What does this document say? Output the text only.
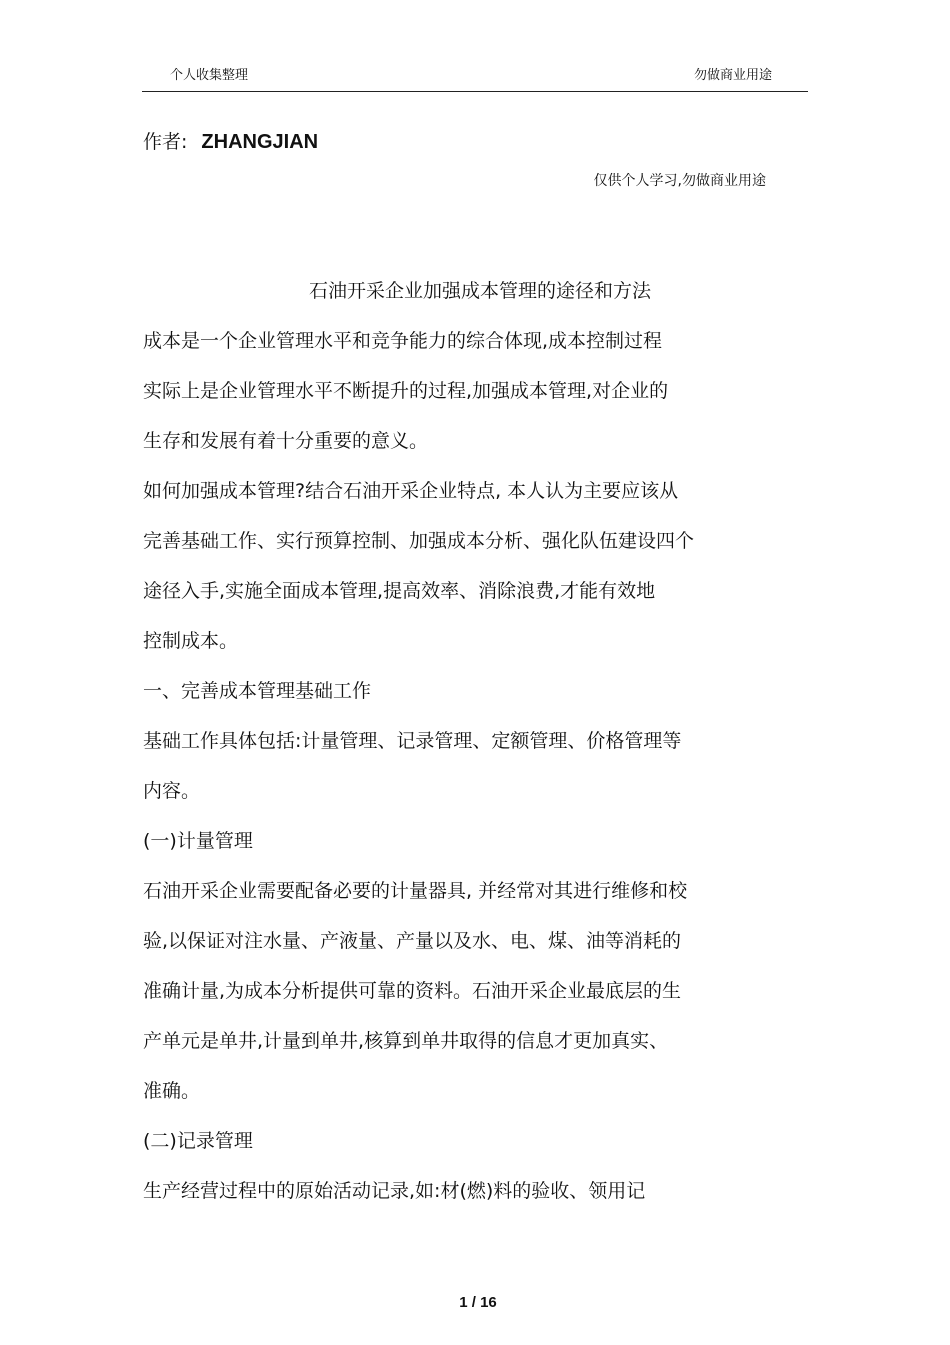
个人收集整理	勿做商业用途
作者: ZHANGJIAN
仅供个人学习,勿做商业用途
石油开采企业加强成本管理的途径和方法
成本是一个企业管理水平和竞争能力的综合体现,成本控制过程
实际上是企业管理水平不断提升的过程,加强成本管理,对企业的
生存和发展有着十分重要的意义。
如何加强成本管理?结合石油开采企业特点, 本人认为主要应该从
完善基础工作、实行预算控制、加强成本分析、强化队伍建设四个
途径入手,实施全面成本管理,提高效率、消除浪费,才能有效地
控制成本。
一、完善成本管理基础工作
基础工作具体包括:计量管理、记录管理、定额管理、价格管理等
内容。
(一)计量管理
石油开采企业需要配备必要的计量器具, 并经常对其进行维修和校
验,以保证对注水量、产液量、产量以及水、电、煤、油等消耗的
准确计量,为成本分析提供可靠的资料。石油开采企业最底层的生
产单元是单井,计量到单井,核算到单井取得的信息才更加真实、
准确。
(二)记录管理
生产经营过程中的原始活动记录,如:材(燃)料的验收、领用记
1 / 16
